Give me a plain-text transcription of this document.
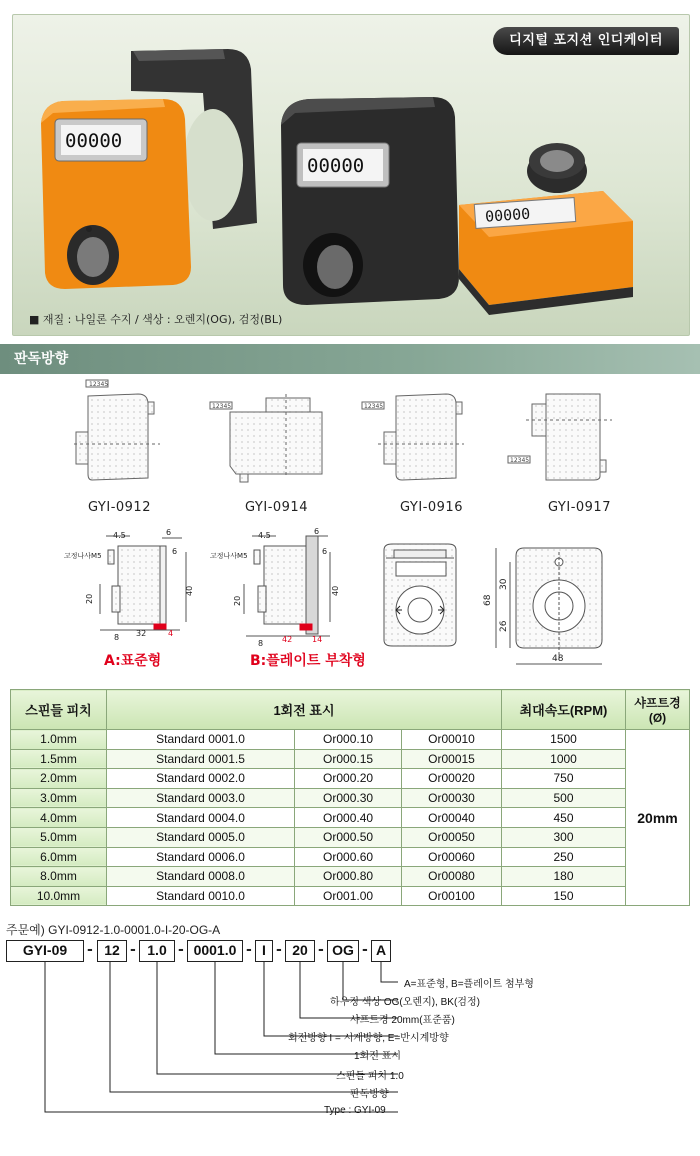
00000
00000
00000
디지털 포지션 인디케이터
■ 재질 : 나일론 수지 / 색상 : 오렌지(OG), 검정(BL)
판독방향
12345
12345	12345
12345
고정나사M5
4.5	6
6
20
40
8 32	4
A:표준형
고정나사M5
4.5	6
6
20
40
8 42 14
B:플레이트 부착형
68
30
26
48
GYI-0912	GYI-0914	GYI-0916	GYI-0917
스핀들 피치	1회전 표시			최대속도(RPM)	샤프트경
(Ø)
1.0mm	Standard 0001.0	Or000.10	Or00010	1500	20mm
1.5mm	Standard 0001.5	Or000.15	Or00015	1000	
2.0mm	Standard 0002.0	Or000.20	Or00020	750	
3.0mm	Standard 0003.0	Or000.30	Or00030	500	
4.0mm	Standard 0004.0	Or000.40	Or00040	450	
5.0mm	Standard 0005.0	Or000.50	Or00050	300	
6.0mm	Standard 0006.0	Or000.60	Or00060	250	
8.0mm	Standard 0008.0	Or000.80	Or00080	180	
10.0mm	Standard 0010.0	Or001.00	Or00100	150	
주문예) GYI-0912-1.0-0001.0-I-20-OG-A
GYI-09	- 12 - 1.0 - 0001.0 - I - 20 - OG - A
A=표준형, B=플레이트 첨부형
하우징 색상 OG(오렌지), BK(검정)
샤프트경 20mm(표준품)
회전방향 I = 시계방향, E=반시계방향
1회전 표시
스핀들 피치 1.0
판독방향
Type : GYI-09
